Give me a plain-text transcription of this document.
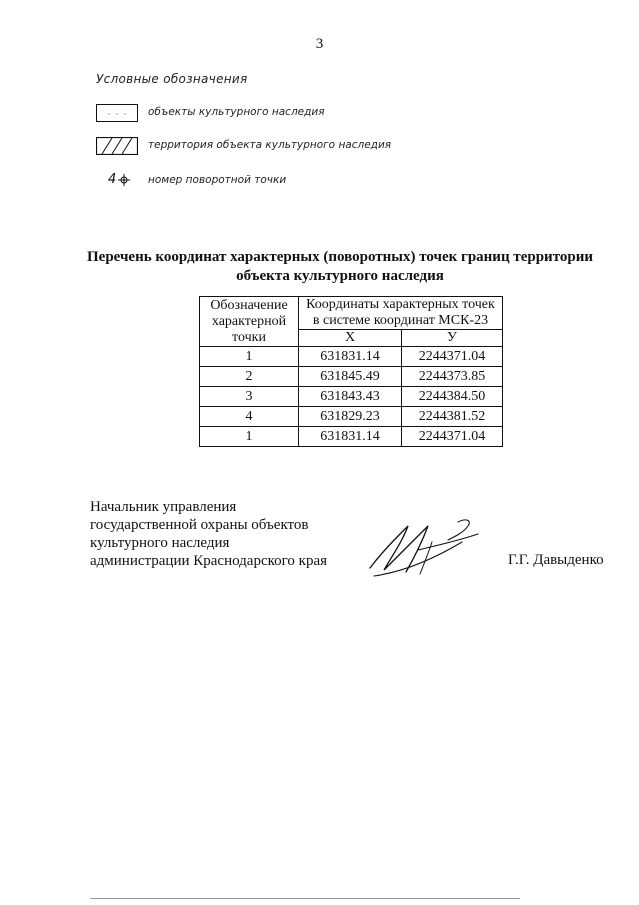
3
Условные обозначения
объекты культурного наследия
территория объекта культурного наследия
4	номер поворотной точки
Перечень координат характерных (поворотных) точек границ территории
объекта культурного наследия
Обозначение характерной точки	Координаты характерных точек в системе координат МСК-23	
	Х	У
1	631831.14	2244371.04
2	631845.49	2244373.85
3	631843.43	2244384.50
4	631829.23	2244381.52
1	631831.14	2244371.04
Начальник управления
государственной охраны объектов
культурного наследия
администрации Краснодарского края	Г.Г. Давыденко
